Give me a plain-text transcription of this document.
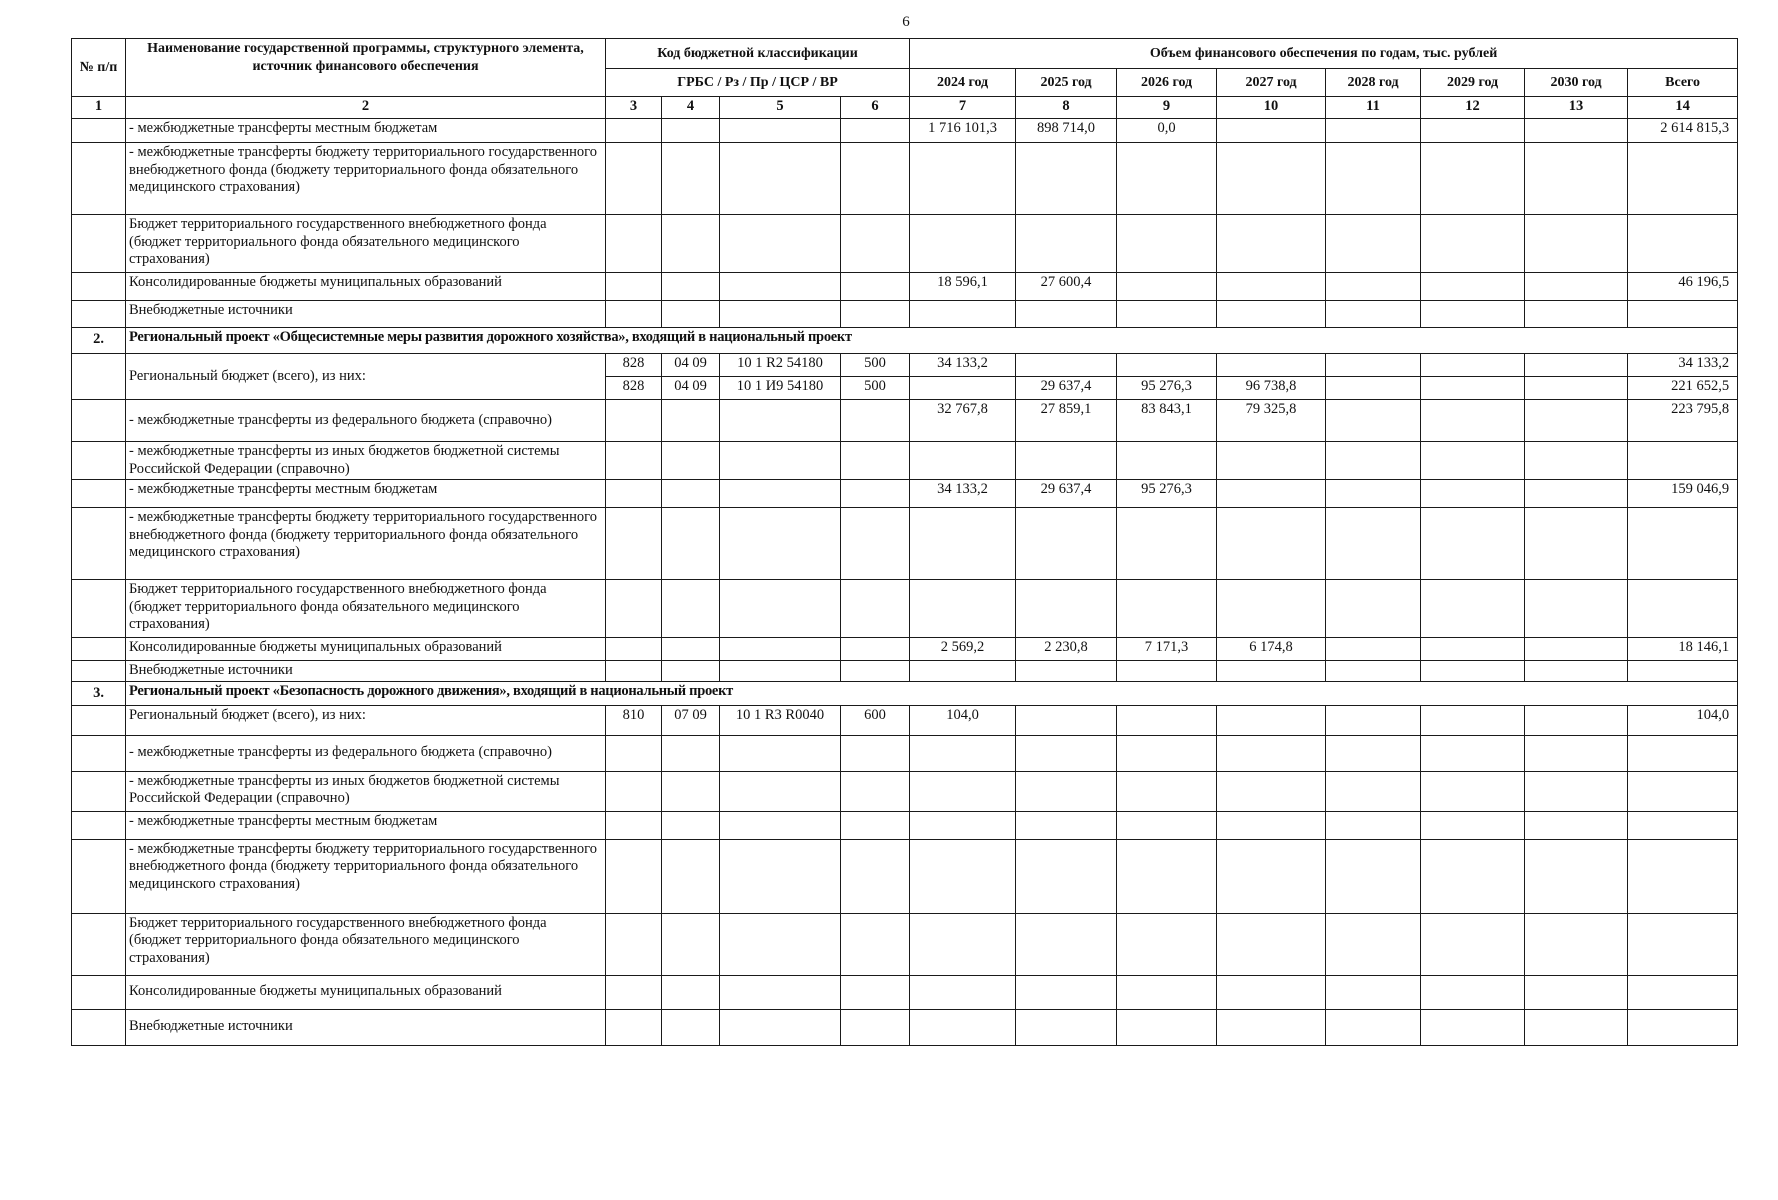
6
№ п/п	Наименование государственной программы, структурного элемента, источник финансового обеспечения	Код бюджетной классификации				Объем финансового обеспечения по годам, тыс. рублей							
		ГРБС / Рз / Пр / ЦСР / ВР				2024 год	2025 год	2026 год	2027 год	2028 год	2029 год	2030 год	Всего
1	2	3	4	5	6	7	8	9	10	11	12	13	14
	- межбюджетные трансферты местным бюджетам					1 716 101,3	898 714,0	0,0					2 614 815,3
	- межбюджетные трансферты бюджету территориального государственного внебюджетного фонда (бюджету территориального фонда обязательного медицинского страхования)												
	Бюджет территориального государственного внебюджетного фонда (бюджет территориального фонда обязательного медицинского страхования)												
	Консолидированные бюджеты муниципальных образований					18 596,1	27 600,4						46 196,5
	Внебюджетные источники												
2.	Региональный проект «Общесистемные меры развития дорожного хозяйства», входящий в национальный проект												
	Региональный бюджет (всего), из них:	828	04 09	10 1 R2 54180	500	34 133,2							34 133,2
		828	04 09	10 1 И9 54180	500		29 637,4	95 276,3	96 738,8				221 652,5
	- межбюджетные трансферты из федерального бюджета (справочно)					32 767,8	27 859,1	83 843,1	79 325,8				223 795,8
	- межбюджетные трансферты из иных бюджетов бюджетной системы Российской Федерации (справочно)												
	- межбюджетные трансферты местным бюджетам					34 133,2	29 637,4	95 276,3					159 046,9
	- межбюджетные трансферты бюджету территориального государственного внебюджетного фонда (бюджету территориального фонда обязательного медицинского страхования)												
	Бюджет территориального государственного внебюджетного фонда (бюджет территориального фонда обязательного медицинского страхования)												
	Консолидированные бюджеты муниципальных образований					2 569,2	2 230,8	7 171,3	6 174,8				18 146,1
	Внебюджетные источники												
3.	Региональный проект «Безопасность дорожного движения», входящий в национальный проект												
	Региональный бюджет (всего), из них:	810	07 09	10 1 R3 R0040	600	104,0							104,0
	- межбюджетные трансферты из федерального бюджета (справочно)												
	- межбюджетные трансферты из иных бюджетов бюджетной системы Российской Федерации (справочно)												
	- межбюджетные трансферты местным бюджетам												
	- межбюджетные трансферты бюджету территориального государственного внебюджетного фонда (бюджету территориального фонда обязательного медицинского страхования)												
	Бюджет территориального государственного внебюджетного фонда (бюджет территориального фонда обязательного медицинского страхования)												
	Консолидированные бюджеты муниципальных образований												
	Внебюджетные источники												
